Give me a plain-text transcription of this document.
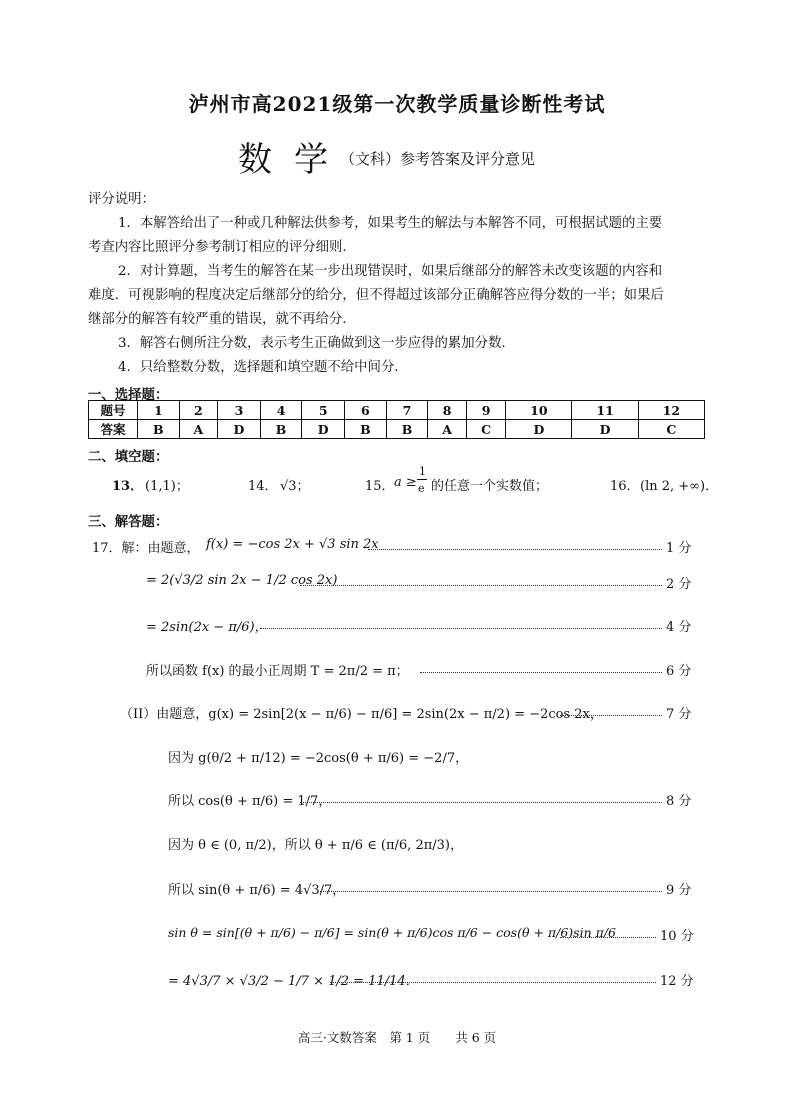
泸州市高2021级第一次教学质量诊断性考试
数学
（文科）参考答案及评分意见
评分说明：
1．本解答给出了一种或几种解法供参考，如果考生的解法与本解答不同，可根据试题的主要
考查内容比照评分参考制订相应的评分细则．
2．对计算题，当考生的解答在某一步出现错误时，如果后继部分的解答未改变该题的内容和
难度．可视影响的程度决定后继部分的给分，但不得超过该部分正确解答应得分数的一半；如果后
继部分的解答有较严重的错误，就不再给分．
3．解答右侧所注分数，表示考生正确做到这一步应得的累加分数．
4．只给整数分数，选择题和填空题不给中间分．
一、选择题：
题号	1	2	3	4	5	6	7	8	9	10	11	12
答案	B	A	D	B	D	B	B	A	C	D	D	C
二、填空题：
13． (1,1)；	14． √3；	15． a ≥
1
e 的任意一个实数值；	16． (ln 2, +∞)．
三、解答题：
17．解：由题意， f(x) = −cos 2x + √3 sin 2x	1 分
= 2(√3/2 sin 2x − 1/2 cos 2x)	2 分
= 2sin(2x − π/6)，	4 分
所以函数 f(x) 的最小正周期 T = 2π/2 = π；	6 分
（II）由题意，g(x) = 2sin[2(x − π/6) − π/6] = 2sin(2x − π/2) = −2cos 2x，	7 分
因为 g(θ/2 + π/12) = −2cos(θ + π/6) = −2/7，
所以 cos(θ + π/6) = 1/7，	8 分
因为 θ ∈ (0, π/2)，所以 θ + π/6 ∈ (π/6, 2π/3)，
所以 sin(θ + π/6) = 4√3/7，	9 分
sin θ = sin[(θ + π/6) − π/6] = sin(θ + π/6)cos π/6 − cos(θ + π/6)sin π/6	10 分
= 4√3/7 × √3/2 − 1/7 × 1/2 = 11/14．	12 分
高三·文数答案　第 1 页　　共 6 页
